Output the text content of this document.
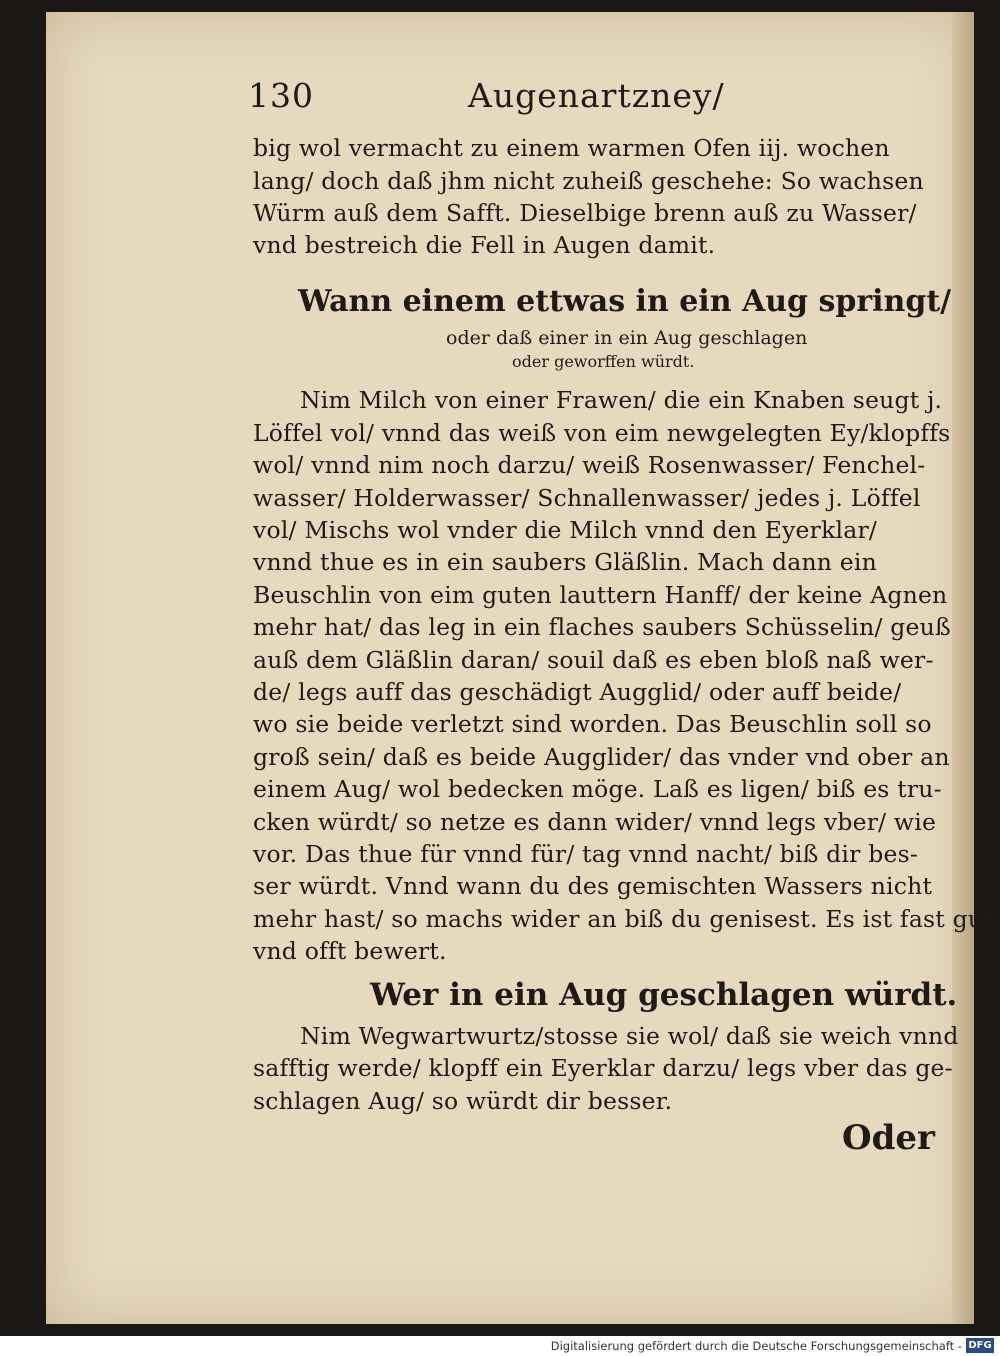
130	Augenartzney/
big wol vermacht zu einem warmen Ofen iij. wochen
lang/ doch daß jhm nicht zuheiß geschehe: So wachsen
Würm auß dem Safft. Dieselbige brenn auß zu Wasser/
vnd bestreich die Fell in Augen damit.
Wann einem ettwas in ein Aug springt/
oder daß einer in ein Aug geschlagen
oder geworffen würdt.
Nim Milch von einer Frawen/ die ein Knaben seugt j.
Löffel vol/ vnnd das weiß von eim newgelegten Ey/klopffs
wol/ vnnd nim noch darzu/ weiß Rosenwasser/ Fenchel-
wasser/ Holderwasser/ Schnallenwasser/ jedes j. Löffel
vol/ Mischs wol vnder die Milch vnnd den Eyerklar/
vnnd thue es in ein saubers Gläßlin. Mach dann ein
Beuschlin von eim guten lauttern Hanff/ der keine Agnen
mehr hat/ das leg in ein flaches saubers Schüsselin/ geuß
auß dem Gläßlin daran/ souil daß es eben bloß naß wer-
de/ legs auff das geschädigt Augglid/ oder auff beide/
wo sie beide verletzt sind worden. Das Beuschlin soll so
groß sein/ daß es beide Augglider/ das vnder vnd ober an
einem Aug/ wol bedecken möge. Laß es ligen/ biß es tru-
cken würdt/ so netze es dann wider/ vnnd legs vber/ wie
vor. Das thue für vnnd für/ tag vnnd nacht/ biß dir bes-
ser würdt. Vnnd wann du des gemischten Wassers nicht
mehr hast/ so machs wider an biß du genisest. Es ist fast gut
vnd offt bewert.
Wer in ein Aug geschlagen würdt.
Nim Wegwartwurtz/stosse sie wol/ daß sie weich vnnd
safftig werde/ klopff ein Eyerklar darzu/ legs vber das ge-
schlagen Aug/ so würdt dir besser.
Oder
Digitalisierung gefördert durch die Deutsche Forschungsgemeinschaft - DFG
